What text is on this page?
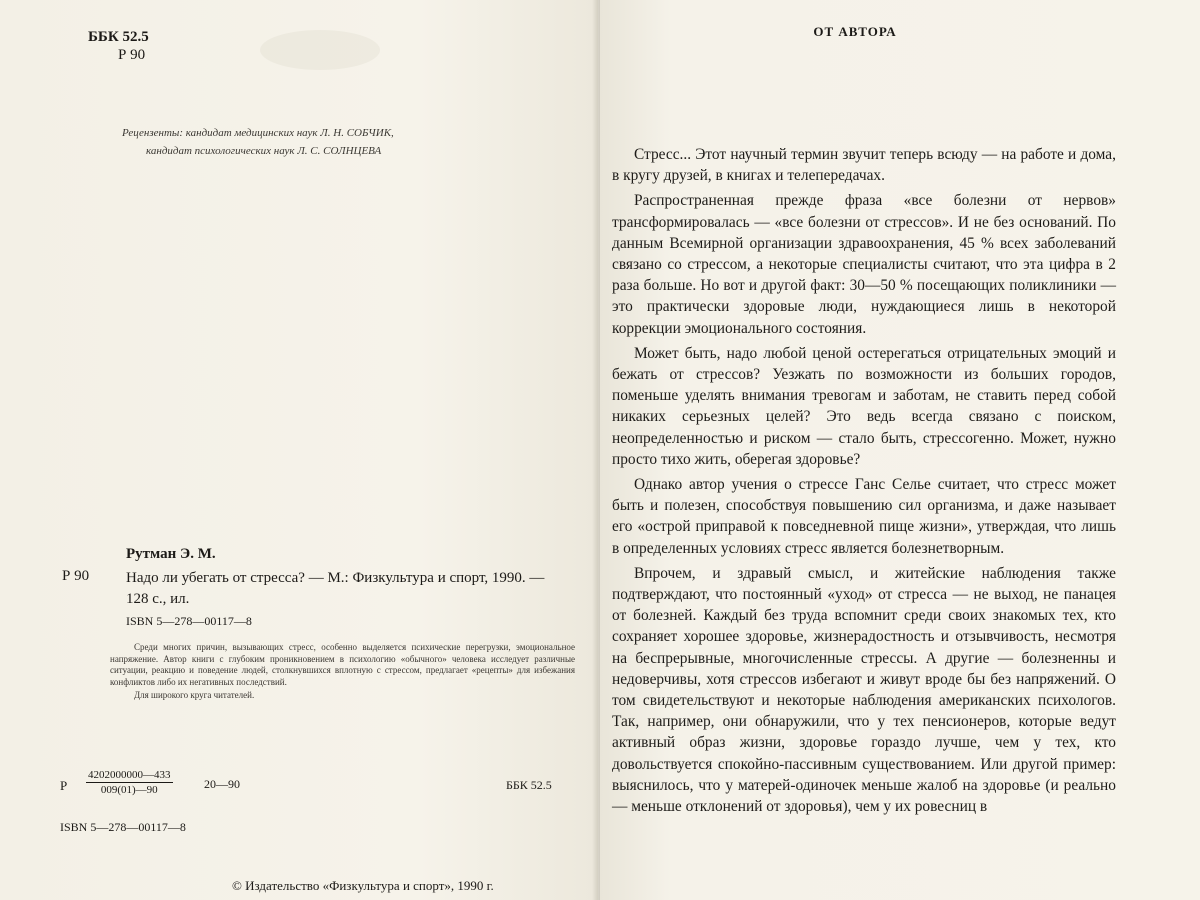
ББК 52.5
Р 90
Рецензенты: кандидат медицинских наук Л. Н. СОБЧИК,
кандидат психологических наук Л. С. СОЛНЦЕВА
Рутман Э. М.
Р 90 Надо ли убегать от стресса? — М.: Физкультура и спорт, 1990. — 128 с., ил.
ISBN 5—278—00117—8
Среди многих причин, вызывающих стресс, особенно выделяется психические перегрузки, эмоциональное напряжение. Автор книги с глубоким проникновением в психологию «обычного» человека исследует различные ситуации, реакцию и поведение людей, столкнувшихся вплотную с стрессом, предлагает «рецепты» для избежания конфликтов либо их негативных последствий.
Для широкого круга читателей.
Р $\frac{4202000000—433}{009(01)—90}$	20—90	ББК 52.5
ISBN 5—278—00117—8
© Издательство «Физкультура и спорт», 1990 г.
ОТ АВТОРА

Стресс... Этот научный термин звучит теперь всюду — на работе и дома, в кругу друзей, в книгах и телепередачах.

Распространенная прежде фраза «все болезни от нервов» трансформировалась — «все болезни от стрессов». И не без оснований. По данным Всемирной организации здравоохранения, 45 % всех заболеваний связано со стрессом, а некоторые специалисты считают, что эта цифра в 2 раза больше. Но вот и другой факт: 30—50 % посещающих поликлиники — это практически здоровые люди, нуждающиеся лишь в некоторой коррекции эмоционального состояния.

Может быть, надо любой ценой остерегаться отрицательных эмоций и бежать от стрессов? Уезжать по возможности из больших городов, поменьше уделять внимания тревогам и заботам, не ставить перед собой никаких серьезных целей? Это ведь всегда связано с поиском, неопределенностью и риском — стало быть, стрессогенно. Может, нужно просто тихо жить, оберегая здоровье?

Однако автор учения о стрессе Ганс Селье считает, что стресс может быть и полезен, способствуя повышению сил организма, и даже называет его «острой приправой к повседневной пище жизни», утверждая, что лишь в определенных условиях стресс является болезнетворным.

Впрочем, и здравый смысл, и житейские наблюдения также подтверждают, что постоянный «уход» от стресса — не выход, не панацея от болезней. Каждый без труда вспомнит среди своих знакомых тех, кто сохраняет хорошее здоровье, жизнерадостность и отзывчивость, несмотря на беспрерывные, многочисленные стрессы. А другие — болезненны и недоверчивы, хотя стрессов избегают и живут вроде бы без напряжений. О том свидетельствуют и некоторые наблюдения американских психологов. Так, например, они обнаружили, что у тех пенсионеров, которые ведут активный образ жизни, здоровье гораздо лучше, чем у тех, кто довольствуется спокойно-пассивным существованием. Или другой пример: выяснилось, что у матерей-одиночек меньше жалоб на здоровье (и реально — меньше отклонений от здоровья), чем у их ровесниц в
